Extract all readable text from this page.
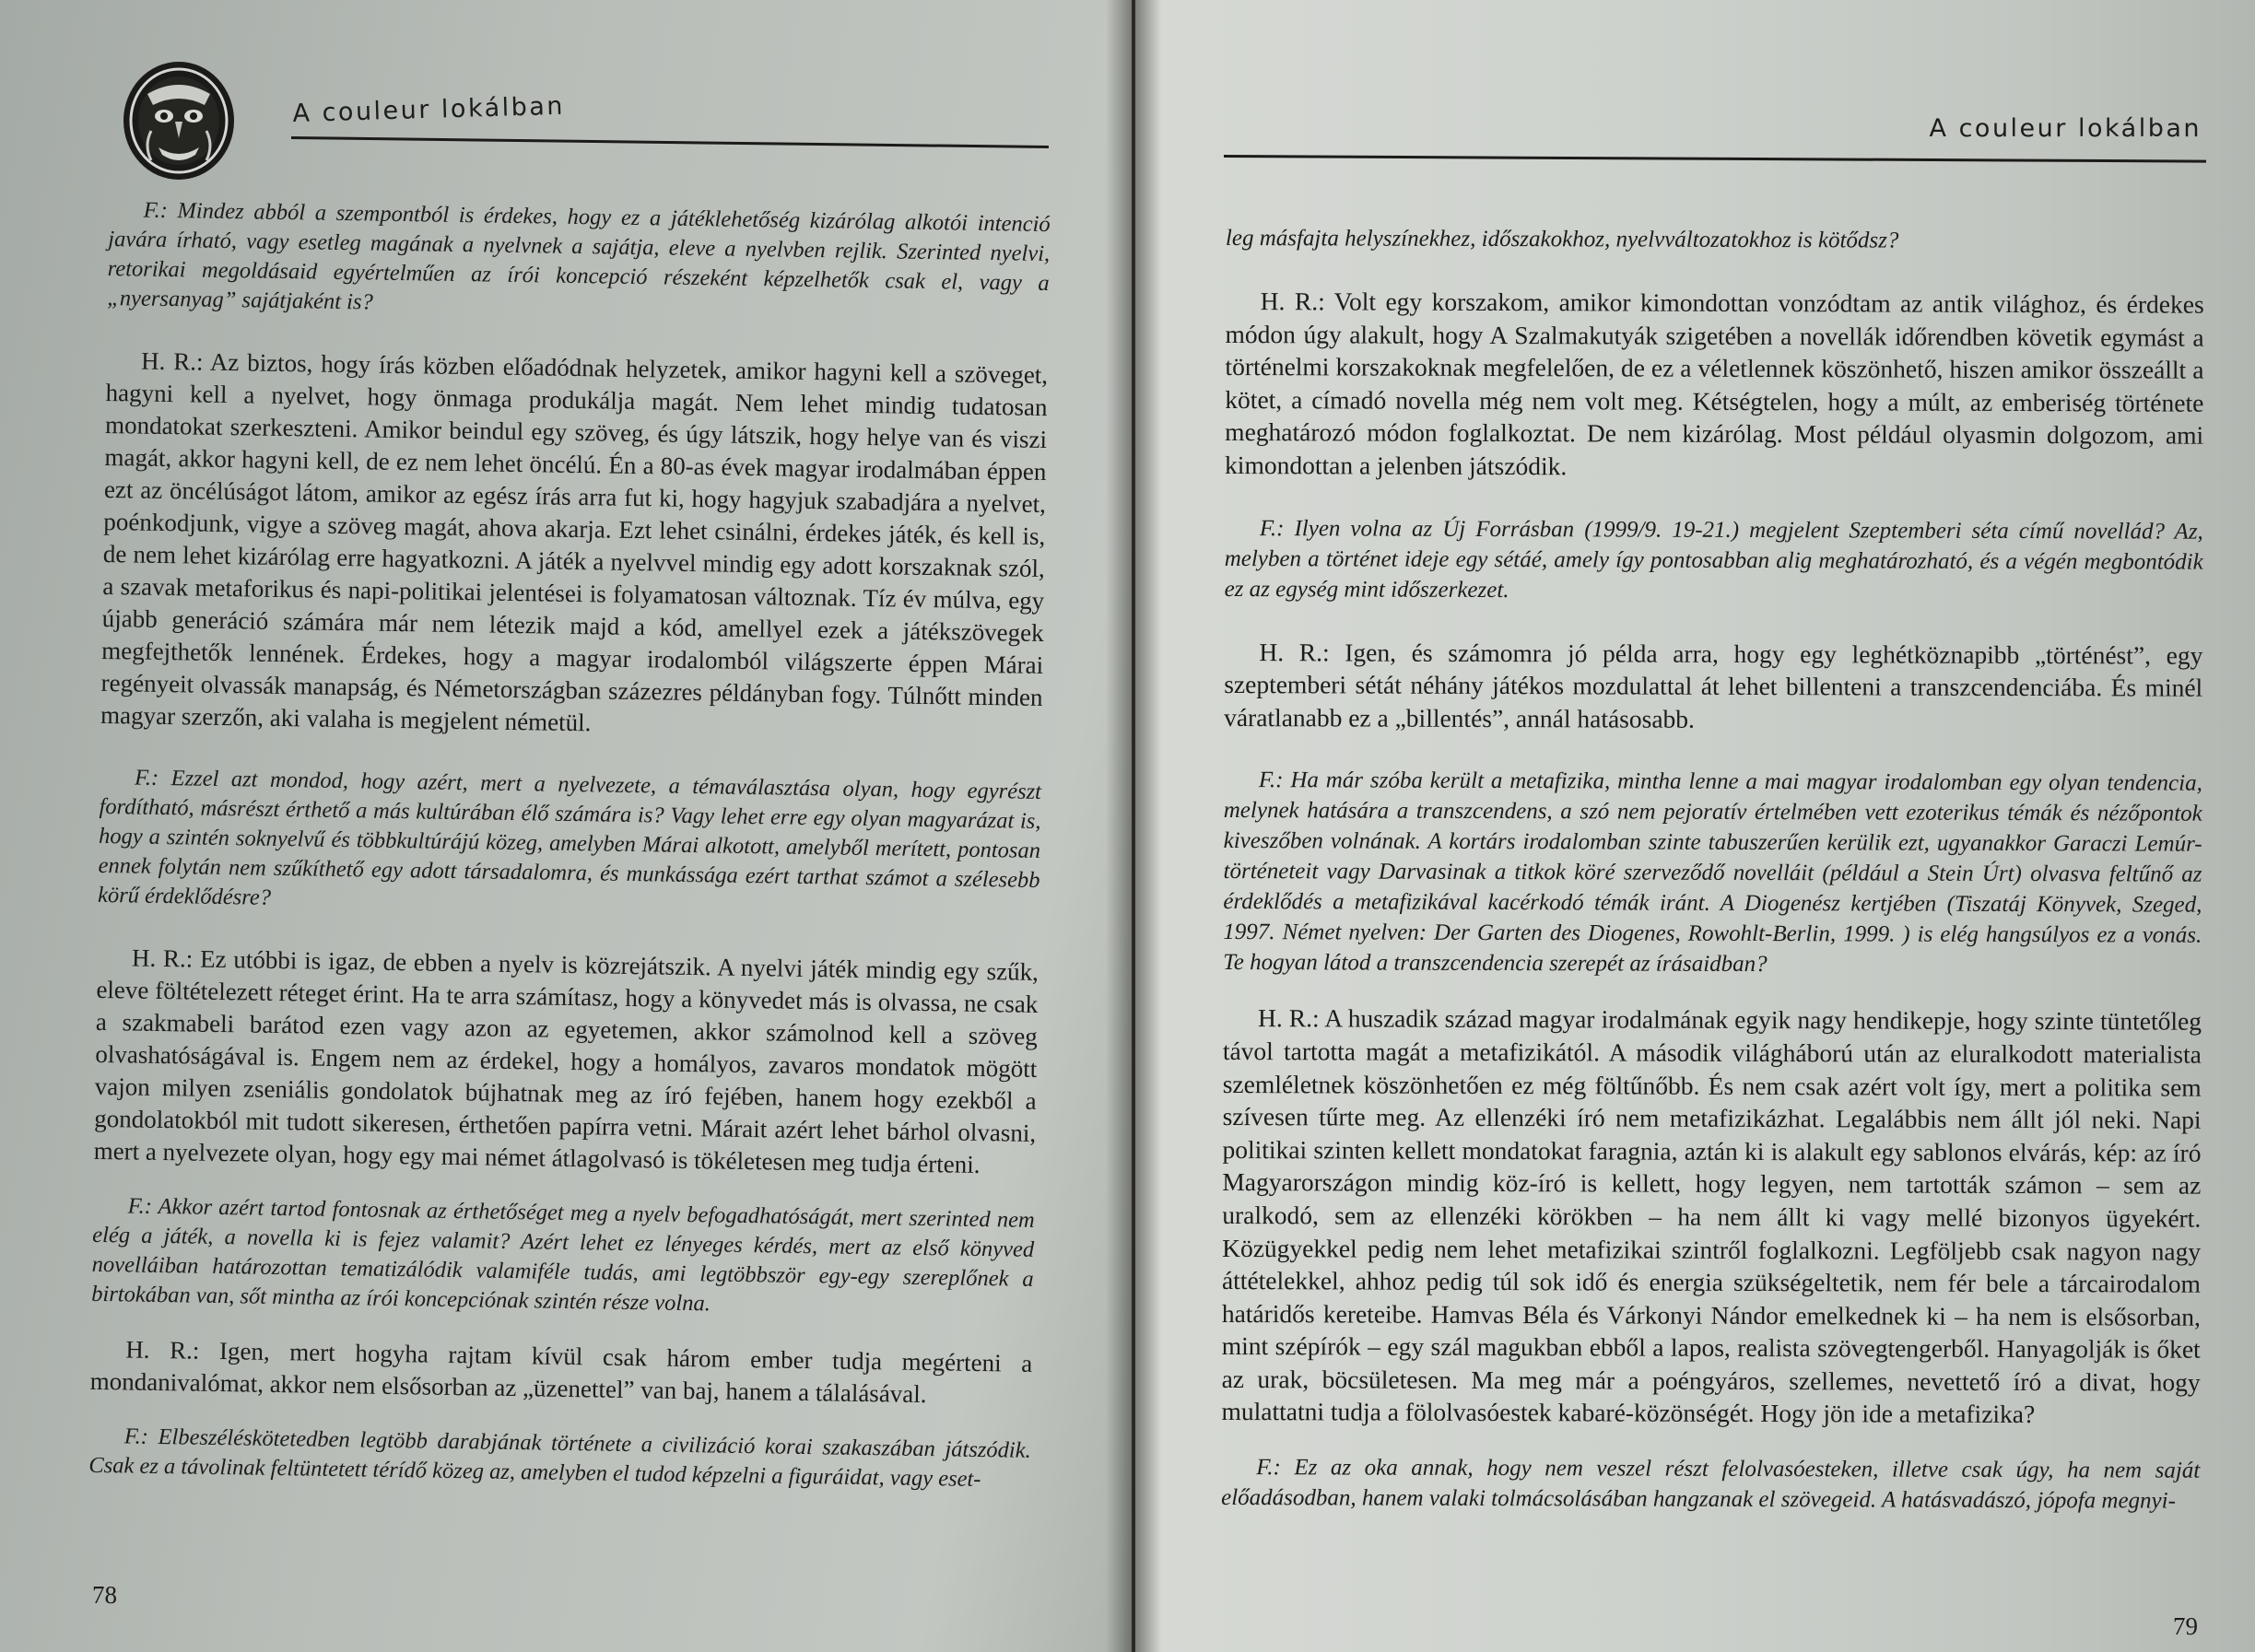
A couleur lokálban

F.: Mindez abból a szempontból is érdekes, hogy ez a játéklehetőség kizárólag alkotói intenció javára írható, vagy esetleg magának a nyelvnek a sajátja, eleve a nyelvben rejlik. Szerinted nyelvi, retorikai megoldásaid egyértelműen az írói koncepció részeként képzelhetők csak el, vagy a „nyersanyag” sajátjaként is?

H. R.: Az biztos, hogy írás közben előadódnak helyzetek, amikor hagyni kell a szöveget, hagyni kell a nyelvet, hogy önmaga produkálja magát. Nem lehet mindig tudatosan mondatokat szerkeszteni. Amikor beindul egy szöveg, és úgy látszik, hogy helye van és viszi magát, akkor hagyni kell, de ez nem lehet öncélú. Én a 80-as évek magyar irodalmában éppen ezt az öncélúságot látom, amikor az egész írás arra fut ki, hogy hagyjuk szabadjára a nyelvet, poénkodjunk, vigye a szöveg magát, ahova akarja. Ezt lehet csinálni, érdekes játék, és kell is, de nem lehet kizárólag erre hagyatkozni. A játék a nyelvvel mindig egy adott korszaknak szól, a szavak metaforikus és napi-politikai jelentései is folyamatosan változnak. Tíz év múlva, egy újabb generáció számára már nem létezik majd a kód, amellyel ezek a játékszövegek megfejthetők lennének. Érdekes, hogy a magyar irodalomból világszerte éppen Márai regényeit olvassák manapság, és Németországban százezres példányban fogy. Túlnőtt minden magyar szerzőn, aki valaha is megjelent németül.

F.: Ezzel azt mondod, hogy azért, mert a nyelvezete, a témaválasztása olyan, hogy egyrészt fordítható, másrészt érthető a más kultúrában élő számára is? Vagy lehet erre egy olyan magyarázat is, hogy a szintén soknyelvű és többkultúrájú közeg, amelyben Márai alkotott, amelyből merített, pontosan ennek folytán nem szűkíthető egy adott társadalomra, és munkássága ezért tarthat számot a szélesebb körű érdeklődésre?

H. R.: Ez utóbbi is igaz, de ebben a nyelv is közrejátszik. A nyelvi játék mindig egy szűk, eleve föltételezett réteget érint. Ha te arra számítasz, hogy a könyvedet más is olvassa, ne csak a szakmabeli barátod ezen vagy azon az egyetemen, akkor számolnod kell a szöveg olvashatóságával is. Engem nem az érdekel, hogy a homályos, zavaros mondatok mögött vajon milyen zseniális gondolatok bújhatnak meg az író fejében, hanem hogy ezekből a gondolatokból mit tudott sikeresen, érthetően papírra vetni. Márait azért lehet bárhol olvasni, mert a nyelvezete olyan, hogy egy mai német átlagolvasó is tökéletesen meg tudja érteni.

F.: Akkor azért tartod fontosnak az érthetőséget meg a nyelv befogadhatóságát, mert szerinted nem elég a játék, a novella ki is fejez valamit? Azért lehet ez lényeges kérdés, mert az első könyved novelláiban határozottan tematizálódik valamiféle tudás, ami legtöbbször egy-egy szereplőnek a birtokában van, sőt mintha az írói koncepciónak szintén része volna.

H. R.: Igen, mert hogyha rajtam kívül csak három ember tudja megérteni a mondanivalómat, akkor nem elsősorban az „üzenettel” van baj, hanem a tálalásával.

F.: Elbeszéléskötetedben legtöbb darabjának története a civilizáció korai szakaszában játszódik. Csak ez a távolinak feltüntetett térídő közeg az, amelyben el tudod képzelni a figuráidat, vagy eset-

78
A couleur lokálban

leg másfajta helyszínekhez, időszakokhoz, nyelvváltozatokhoz is kötődsz?

H. R.: Volt egy korszakom, amikor kimondottan vonzódtam az antik világhoz, és érdekes módon úgy alakult, hogy A Szalmakutyák szigetében a novellák időrendben követik egymást a történelmi korszakoknak megfelelően, de ez a véletlennek köszönhető, hiszen amikor összeállt a kötet, a címadó novella még nem volt meg. Kétségtelen, hogy a múlt, az emberiség története meghatározó módon foglalkoztat. De nem kizárólag. Most például olyasmin dolgozom, ami kimondottan a jelenben játszódik.

F.: Ilyen volna az Új Forrásban (1999/9. 19-21.) megjelent Szeptemberi séta című novellád? Az, melyben a történet ideje egy sétáé, amely így pontosabban alig meghatározható, és a végén megbontódik ez az egység mint időszerkezet.

H. R.: Igen, és számomra jó példa arra, hogy egy leghétköznapibb „történést”, egy szeptemberi sétát néhány játékos mozdulattal át lehet billenteni a transzcendenciába. És minél váratlanabb ez a „billentés”, annál hatásosabb.

F.: Ha már szóba került a metafizika, mintha lenne a mai magyar irodalomban egy olyan tendencia, melynek hatására a transzcendens, a szó nem pejoratív értelmében vett ezoterikus témák és nézőpontok kiveszőben volnának. A kortárs irodalomban szinte tabuszerűen kerülik ezt, ugyanakkor Garaczi Lemúr-történeteit vagy Darvasinak a titkok köré szerveződő novelláit (például a Stein Úrt) olvasva feltűnő az érdeklődés a metafizikával kacérkodó témák iránt. A Diogenész kertjében (Tiszatáj Könyvek, Szeged, 1997. Német nyelven: Der Garten des Diogenes, Rowohlt-Berlin, 1999. ) is elég hangsúlyos ez a vonás. Te hogyan látod a transzcendencia szerepét az írásaidban?

H. R.: A huszadik század magyar irodalmának egyik nagy hendikepje, hogy szinte tüntetőleg távol tartotta magát a metafizikától. A második világháború után az eluralkodott materialista szemléletnek köszönhetően ez még föltűnőbb. És nem csak azért volt így, mert a politika sem szívesen tűrte meg. Az ellenzéki író nem metafizikázhat. Legalábbis nem állt jól neki. Napi politikai szinten kellett mondatokat faragnia, aztán ki is alakult egy sablonos elvárás, kép: az író Magyarországon mindig köz-író is kellett, hogy legyen, nem tartották számon – sem az uralkodó, sem az ellenzéki körökben – ha nem állt ki vagy mellé bizonyos ügyekért. Közügyekkel pedig nem lehet metafizikai szintről foglalkozni. Legföljebb csak nagyon nagy áttételekkel, ahhoz pedig túl sok idő és energia szükségeltetik, nem fér bele a tárcairodalom határidős kereteibe. Hamvas Béla és Várkonyi Nándor emelkednek ki – ha nem is elsősorban, mint szépírók – egy szál magukban ebből a lapos, realista szövegtengerből. Hanyagolják is őket az urak, böcsületesen. Ma meg már a poéngyáros, szellemes, nevettető író a divat, hogy mulattatni tudja a fölolvasóestek kabaré-közönségét. Hogy jön ide a metafizika?

F.: Ez az oka annak, hogy nem veszel részt felolvasóesteken, illetve csak úgy, ha nem saját előadásodban, hanem valaki tolmácsolásában hangzanak el szövegeid. A hatásvadászó, jópofa megnyi-

79
